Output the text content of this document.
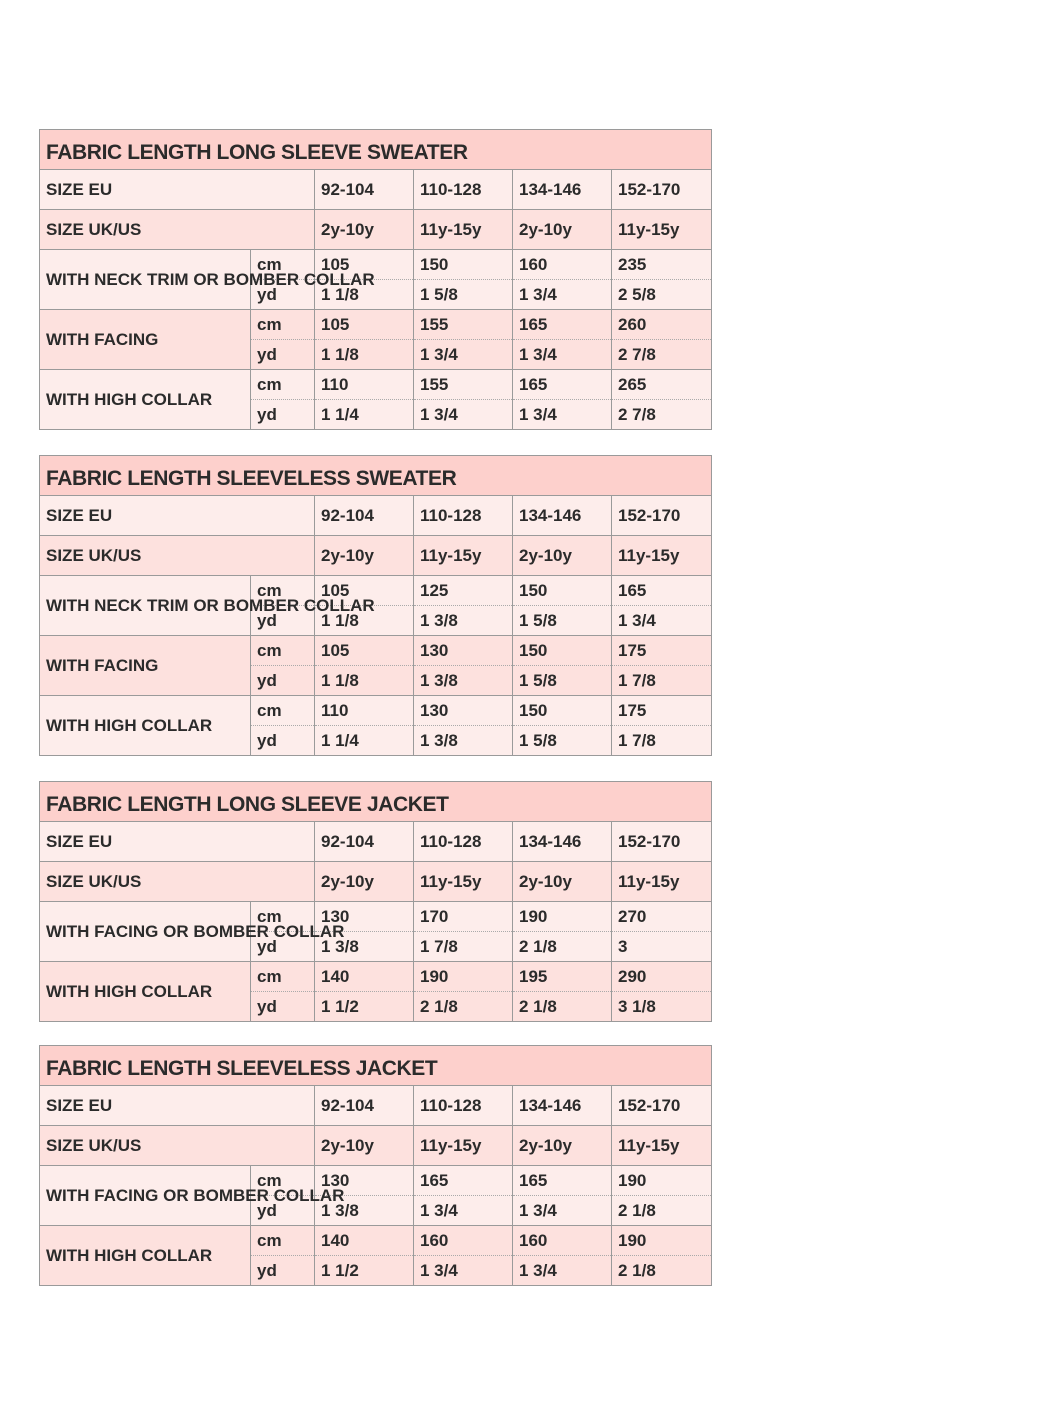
FABRIC LENGTH LONG SLEEVE SWEATER					
SIZE EU		92-104	110-128	134-146	152-170
SIZE UK/US		2y-10y	11y-15y	2y-10y	11y-15y
WITH NECK TRIM OR BOMBER COLLAR	cm	105	150	160	235
	yd	1 1/8	1 5/8	1 3/4	2 5/8
WITH FACING	cm	105	155	165	260
	yd	1 1/8	1 3/4	1 3/4	2 7/8
WITH HIGH COLLAR	cm	110	155	165	265
	yd	1 1/4	1 3/4	1 3/4	2 7/8
FABRIC LENGTH SLEEVELESS SWEATER					
SIZE EU		92-104	110-128	134-146	152-170
SIZE UK/US		2y-10y	11y-15y	2y-10y	11y-15y
WITH NECK TRIM OR BOMBER COLLAR	cm	105	125	150	165
	yd	1 1/8	1 3/8	1 5/8	1 3/4
WITH FACING	cm	105	130	150	175
	yd	1 1/8	1 3/8	1 5/8	1 7/8
WITH HIGH COLLAR	cm	110	130	150	175
	yd	1 1/4	1 3/8	1 5/8	1 7/8
FABRIC LENGTH LONG SLEEVE JACKET					
SIZE EU		92-104	110-128	134-146	152-170
SIZE UK/US		2y-10y	11y-15y	2y-10y	11y-15y
WITH FACING OR BOMBER COLLAR	cm	130	170	190	270
	yd	1 3/8	1 7/8	2 1/8	3
WITH HIGH COLLAR	cm	140	190	195	290
	yd	1 1/2	2 1/8	2 1/8	3 1/8
FABRIC LENGTH SLEEVELESS JACKET					
SIZE EU		92-104	110-128	134-146	152-170
SIZE UK/US		2y-10y	11y-15y	2y-10y	11y-15y
WITH FACING OR BOMBER COLLAR	cm	130	165	165	190
	yd	1 3/8	1 3/4	1 3/4	2 1/8
WITH HIGH COLLAR	cm	140	160	160	190
	yd	1 1/2	1 3/4	1 3/4	2 1/8
